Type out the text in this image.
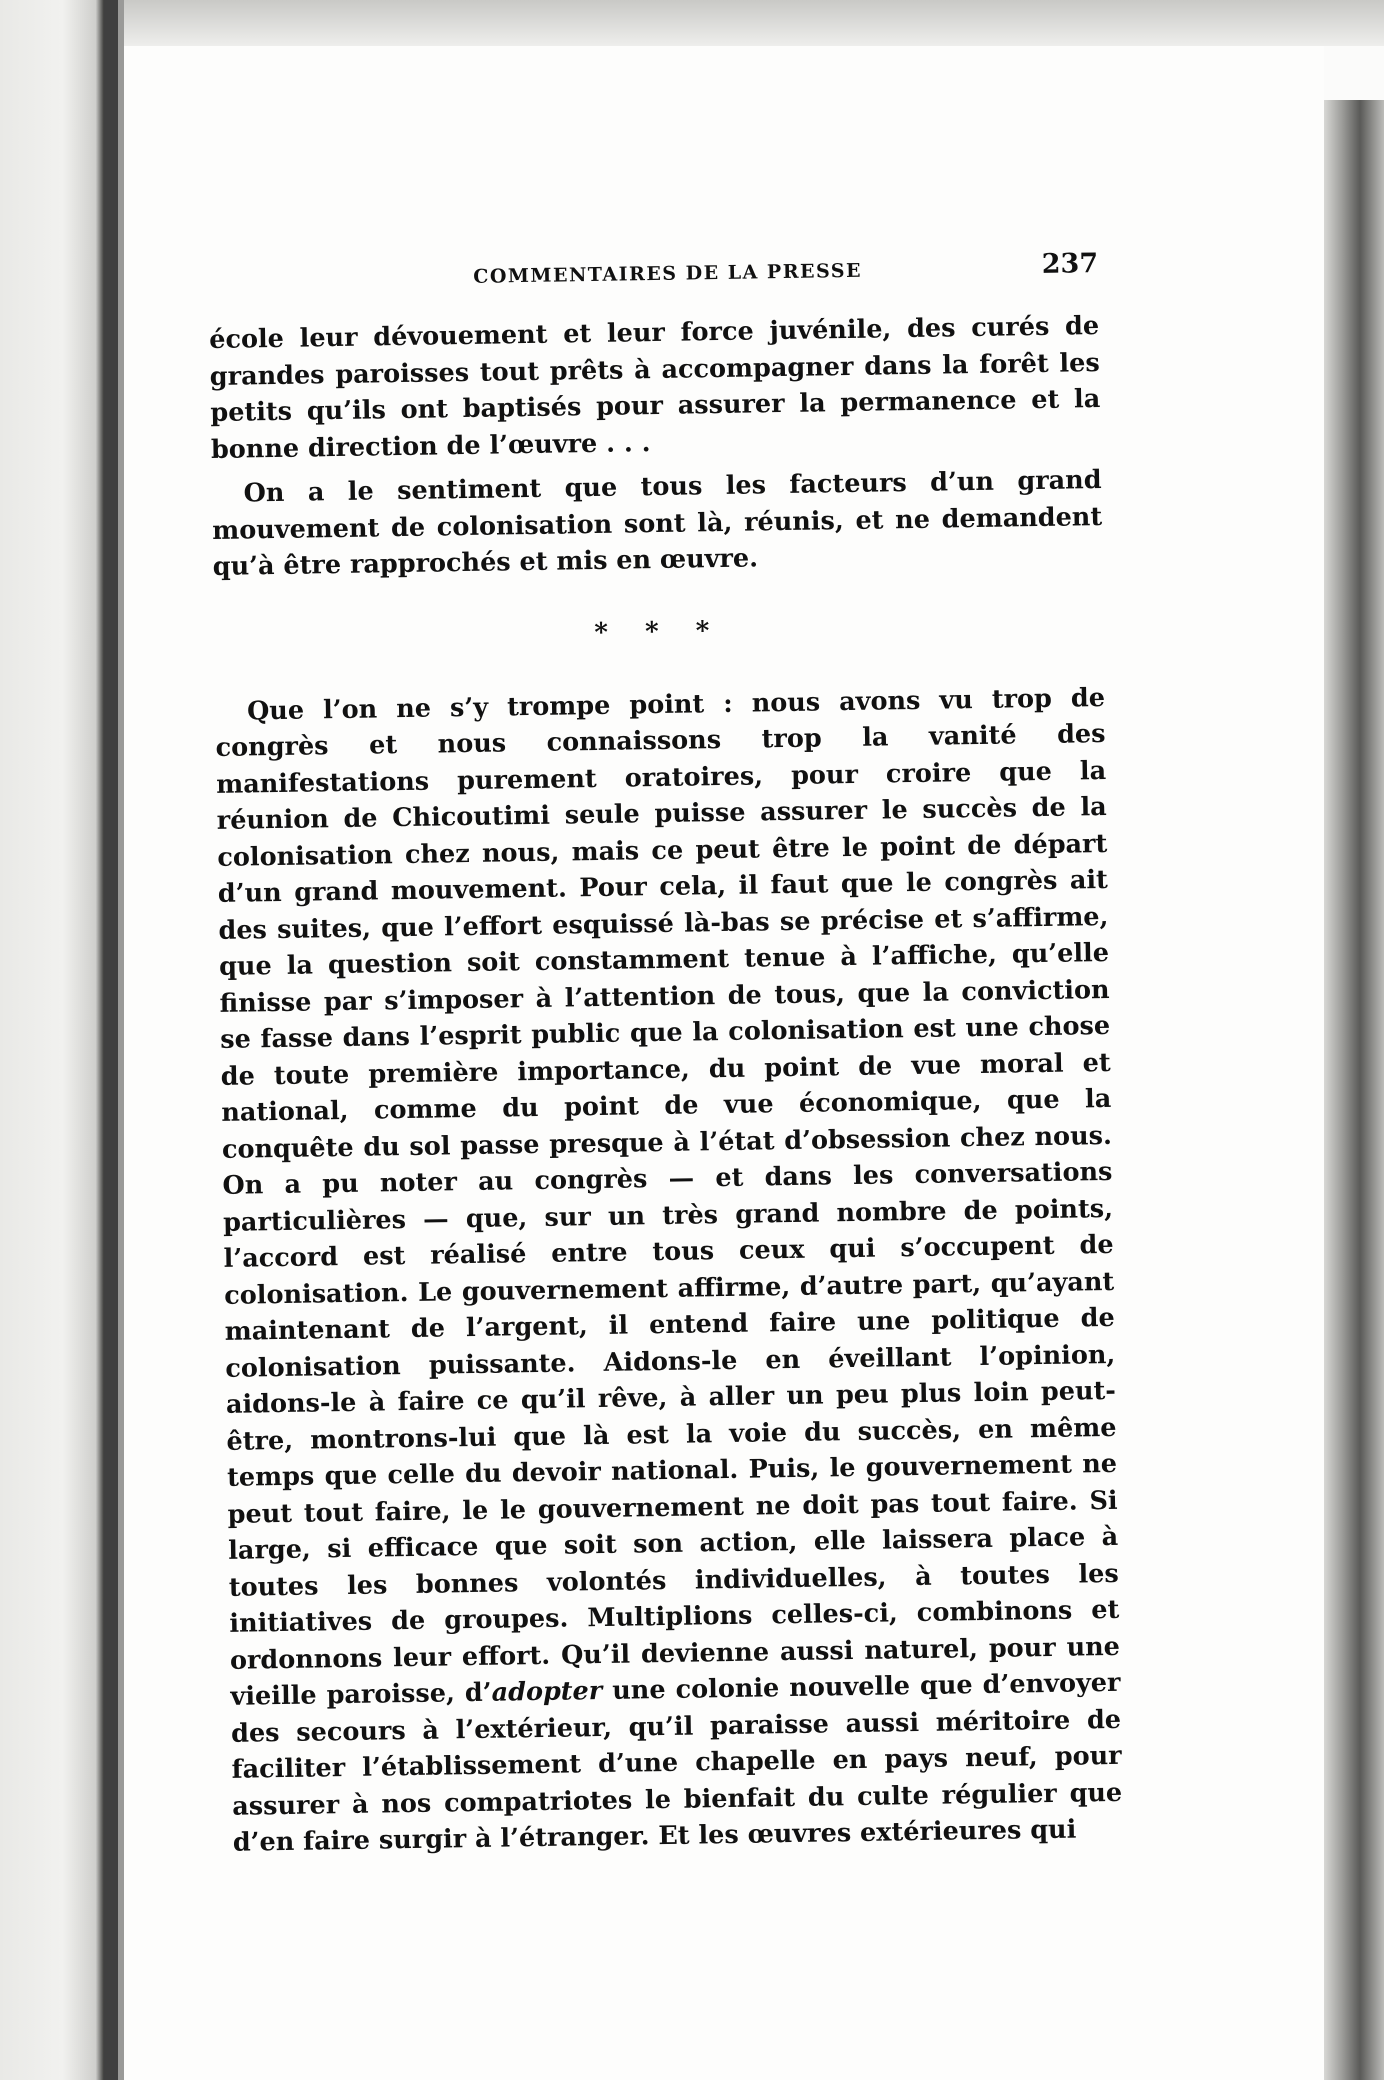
COMMENTAIRES DE LA PRESSE	237

école leur dévouement et leur force juvénile, des curés de grandes paroisses tout prêts à accompagner dans la forêt les petits qu’ils ont baptisés pour assurer la permanence et la bonne direction de l’œuvre . . .

On a le sentiment que tous les facteurs d’un grand mouvement de colonisation sont là, réunis, et ne demandent qu’à être rapprochés et mis en œuvre.

* * *

Que l’on ne s’y trompe point : nous avons vu trop de congrès et nous connaissons trop la vanité des manifestations purement oratoires, pour croire que la réunion de Chicoutimi seule puisse assurer le succès de la colonisation chez nous, mais ce peut être le point de départ d’un grand mouvement. Pour cela, il faut que le congrès ait des suites, que l’effort esquissé là-bas se précise et s’affirme, que la question soit constamment tenue à l’affiche, qu’elle finisse par s’imposer à l’attention de tous, que la conviction se fasse dans l’esprit public que la colonisation est une chose de toute première importance, du point de vue moral et national, comme du point de vue économique, que la conquête du sol passe presque à l’état d’obsession chez nous. On a pu noter au congrès — et dans les conversations particulières — que, sur un très grand nombre de points, l’accord est réalisé entre tous ceux qui s’occupent de colonisation. Le gouvernement affirme, d’autre part, qu’ayant maintenant de l’argent, il entend faire une politique de colonisation puissante. Aidons-le en éveillant l’opinion, aidons-le à faire ce qu’il rêve, à aller un peu plus loin peut-être, montrons-lui que là est la voie du succès, en même temps que celle du devoir national. Puis, le gouvernement ne peut tout faire, le le gouvernement ne doit pas tout faire. Si large, si efficace que soit son action, elle laissera place à toutes les bonnes volontés individuelles, à toutes les initiatives de groupes. Multiplions celles-ci, combinons et ordonnons leur effort. Qu’il devienne aussi naturel, pour une vieille paroisse, d’adopter une colonie nouvelle que d’envoyer des secours à l’extérieur, qu’il paraisse aussi méritoire de faciliter l’établissement d’une chapelle en pays neuf, pour assurer à nos compatriotes le bienfait du culte régulier que d’en faire surgir à l’étranger. Et les œuvres extérieures qui
